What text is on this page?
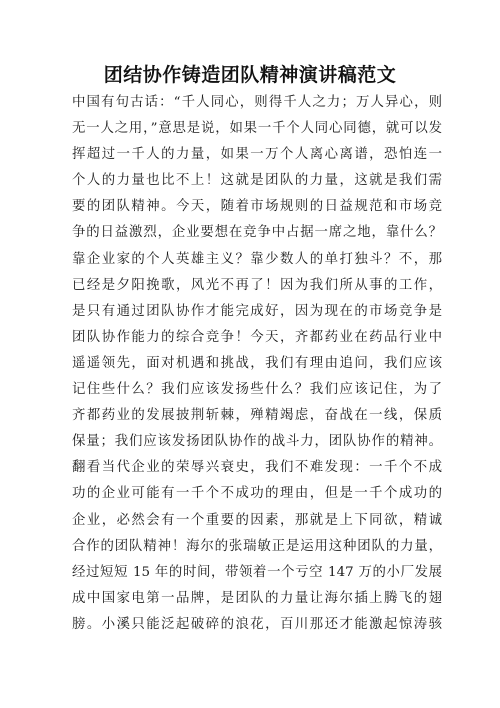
团结协作铸造团队精神演讲稿范文
中国有句古话：“千人同心，则得千人之力；万人异心，则
无一人之用，”意思是说，如果一千个人同心同德，就可以发
挥超过一千人的力量，如果一万个人离心离谱，恐怕连一
个人的力量也比不上！这就是团队的力量，这就是我们需
要的团队精神。今天，随着市场规则的日益规范和市场竞
争的日益激烈，企业要想在竞争中占据一席之地，靠什么？
靠企业家的个人英雄主义？靠少数人的单打独斗？不，那
已经是夕阳挽歌，风光不再了！因为我们所从事的工作，
是只有通过团队协作才能完成好，因为现在的市场竞争是
团队协作能力的综合竞争！今天，齐都药业在药品行业中
遥遥领先，面对机遇和挑战，我们有理由追问，我们应该
记住些什么？我们应该发扬些什么？我们应该记住，为了
齐都药业的发展披荆斩棘，殚精竭虑，奋战在一线，保质
保量；我们应该发扬团队协作的战斗力，团队协作的精神。
翻看当代企业的荣辱兴衰史，我们不难发现：一千个不成
功的企业可能有一千个不成功的理由，但是一千个成功的
企业，必然会有一个重要的因素，那就是上下同欲，精诚
合作的团队精神！海尔的张瑞敏正是运用这种团队的力量，
经过短短 15 年的时间，带领着一个亏空 147 万的小厂发展
成中国家电第一品牌，是团队的力量让海尔插上腾飞的翅
膀。小溪只能泛起破碎的浪花，百川那还才能激起惊涛骇
